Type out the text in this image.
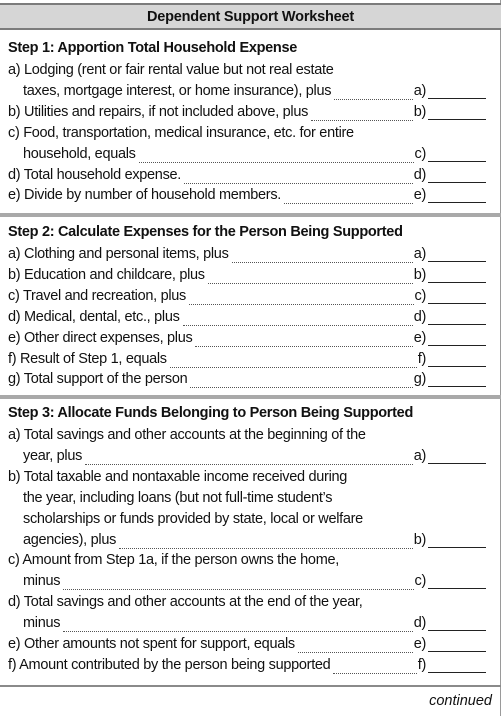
Dependent Support Worksheet
Step 1: Apportion Total Household Expense
a) Lodging (rent or fair rental value but not real estate
taxes, mortgage interest, or home insurance), plus	a)
b) Utilities and repairs, if not included above, plus	b)
c) Food, transportation, medical insurance, etc. for entire
household, equals	c)
d) Total household expense.	d)
e) Divide by number of household members.	e)
Step 2: Calculate Expenses for the Person Being Supported
a) Clothing and personal items, plus	a)
b) Education and childcare, plus	b)
c) Travel and recreation, plus	c)
d) Medical, dental, etc., plus	d)
e) Other direct expenses, plus	e)
f) Result of Step 1, equals	f)
g) Total support of the person	g)
Step 3: Allocate Funds Belonging to Person Being Supported
a) Total savings and other accounts at the beginning of the
year, plus	a)
b) Total taxable and nontaxable income received during
the year, including loans (but not full-time student’s
scholarships or funds provided by state, local or welfare
agencies), plus	b)
c) Amount from Step 1a, if the person owns the home,
minus	c)
d) Total savings and other accounts at the end of the year,
minus	d)
e) Other amounts not spent for support, equals	e)
f) Amount contributed by the person being supported	f)
continued
